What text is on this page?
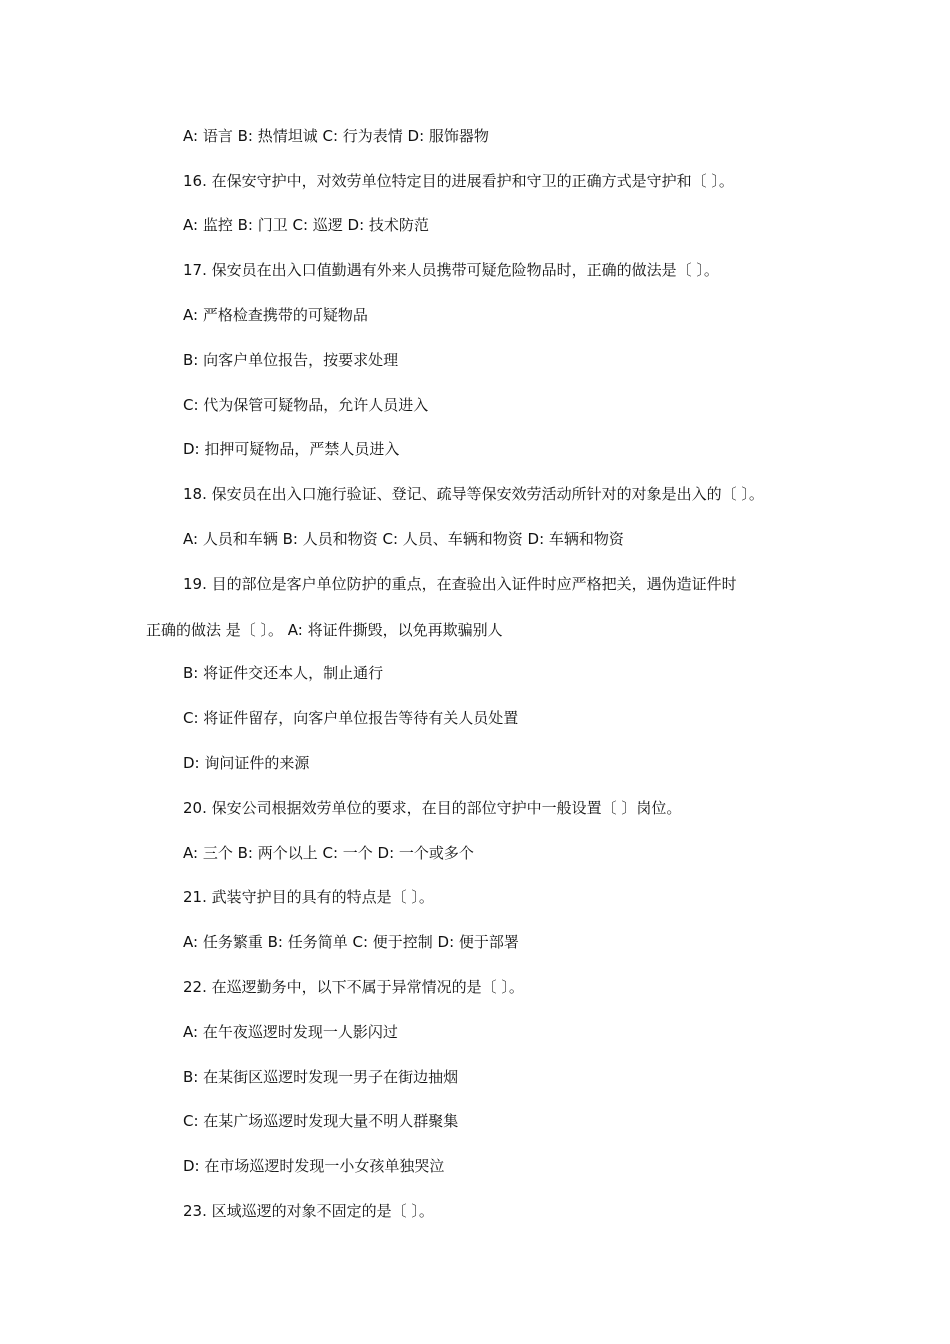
A: 语言 B: 热情坦诚 C: 行为表情 D: 服饰器物
16. 在保安守护中，对效劳单位特定目的进展看护和守卫的正确方式是守护和〔 〕。
A: 监控 B: 门卫 C: 巡逻 D: 技术防范
17. 保安员在出入口值勤遇有外来人员携带可疑危险物品时，正确的做法是〔 〕。
A: 严格检查携带的可疑物品
B: 向客户单位报告，按要求处理
C: 代为保管可疑物品，允许人员进入
D: 扣押可疑物品，严禁人员进入
18. 保安员在出入口施行验证、登记、疏导等保安效劳活动所针对的对象是出入的〔 〕。
A: 人员和车辆 B: 人员和物资 C: 人员、车辆和物资 D: 车辆和物资
19. 目的部位是客户单位防护的重点，在查验出入证件时应严格把关，遇伪造证件时
正确的做法 是〔 〕。 A: 将证件撕毁，以免再欺骗别人
B: 将证件交还本人，制止通行
C: 将证件留存，向客户单位报告等待有关人员处置
D: 询问证件的来源
20. 保安公司根据效劳单位的要求，在目的部位守护中一般设置〔 〕岗位。
A: 三个 B: 两个以上 C: 一个 D: 一个或多个
21. 武装守护目的具有的特点是〔 〕。
A: 任务繁重 B: 任务简单 C: 便于控制 D: 便于部署
22. 在巡逻勤务中，以下不属于异常情况的是〔 〕。
A: 在午夜巡逻时发现一人影闪过
B: 在某街区巡逻时发现一男子在街边抽烟
C: 在某广场巡逻时发现大量不明人群聚集
D: 在市场巡逻时发现一小女孩单独哭泣
23. 区域巡逻的对象不固定的是〔 〕。
